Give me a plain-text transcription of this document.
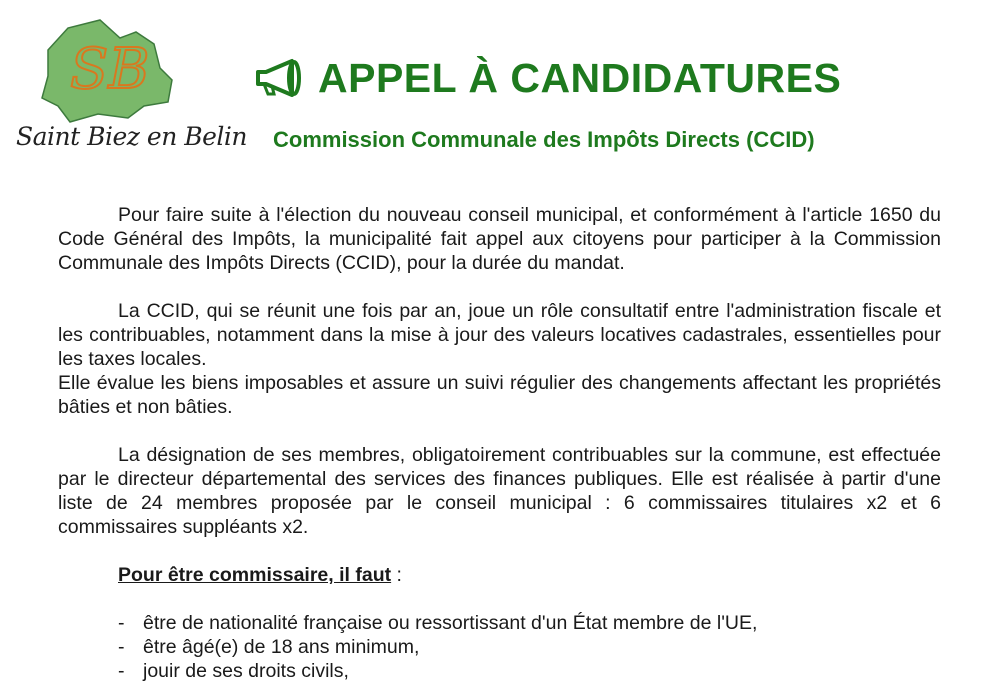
SB
Saint Biez en Belin
APPEL À CANDIDATURES
Commission Communale des Impôts Directs (CCID)

Pour faire suite à l'élection du nouveau conseil municipal, et conformément à l'article 1650 du Code Général des Impôts, la municipalité fait appel aux citoyens pour participer à la Commission Communale des Impôts Directs (CCID), pour la durée du mandat.

La CCID, qui se réunit une fois par an, joue un rôle consultatif entre l'administration fiscale et les contribuables, notamment dans la mise à jour des valeurs locatives cadastrales, essentielles pour les taxes locales.

Elle évalue les biens imposables et assure un suivi régulier des changements affectant les propriétés bâties et non bâties.

La désignation de ses membres, obligatoirement contribuables sur la commune, est effectuée par le directeur départemental des services des finances publiques. Elle est réalisée à partir d'une liste de 24 membres proposée par le conseil municipal : 6 commissaires titulaires x2 et 6 commissaires suppléants x2.

Pour être commissaire, il faut :

- être de nationalité française ou ressortissant d'un État membre de l'UE,
- être âgé(e) de 18 ans minimum,
- jouir de ses droits civils,
